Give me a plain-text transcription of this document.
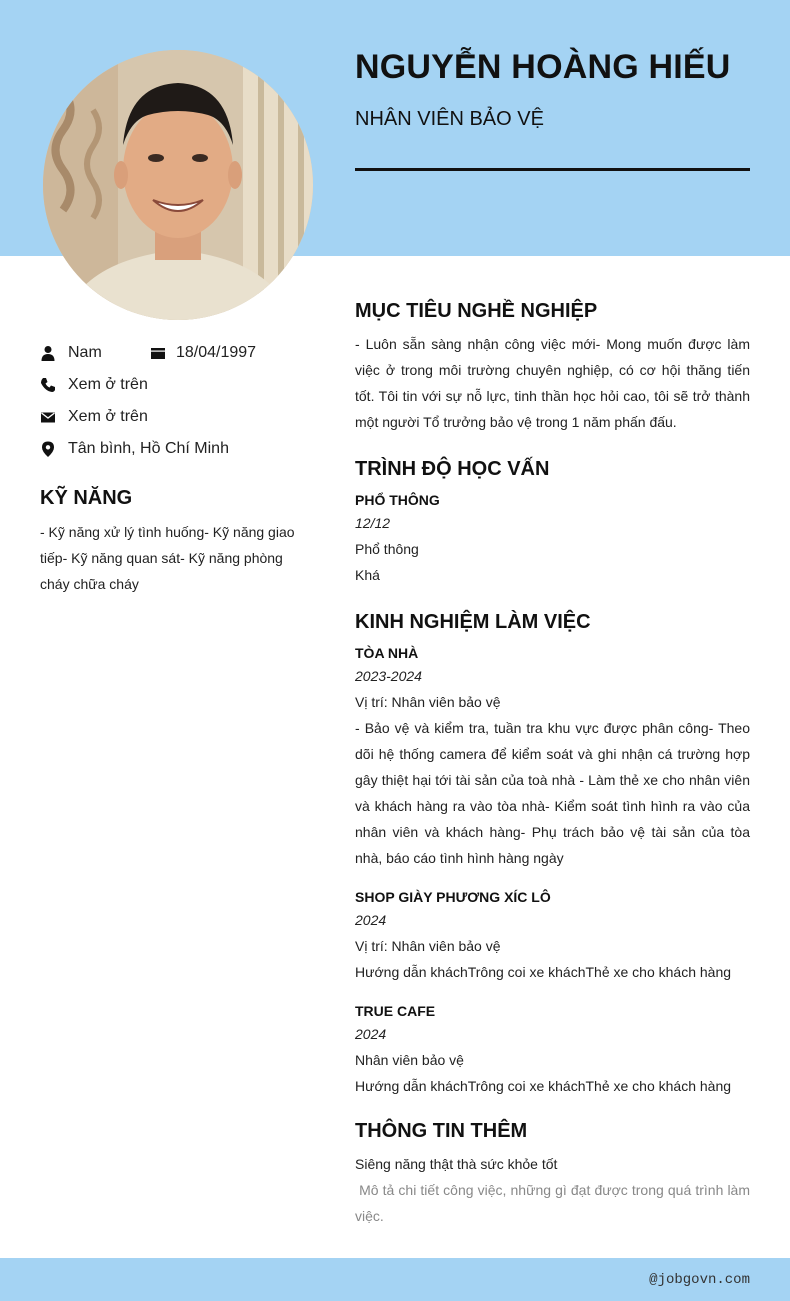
NGUYỄN HOÀNG HIẾU
NHÂN VIÊN BẢO VỆ
Nam	18/04/1997
Xem ở trên
Xem ở trên
Tân bình, Hồ Chí Minh
KỸ NĂNG

- Kỹ năng xử lý tình huống- Kỹ năng giao tiếp- Kỹ năng quan sát- Kỹ năng phòng cháy chữa cháy

MỤC TIÊU NGHỀ NGHIỆP

- Luôn sẵn sàng nhận công việc mới- Mong muốn được làm việc ở trong môi trường chuyên nghiệp, có cơ hội thăng tiến tốt. Tôi tin với sự nỗ lực, tinh thần học hỏi cao, tôi sẽ trở thành một người Tổ trưởng bảo vệ trong 1 năm phấn đấu.

TRÌNH ĐỘ HỌC VẤN

PHỔ THÔNG

12/12

Phổ thông

Khá

KINH NGHIỆM LÀM VIỆC

TÒA NHÀ

2023-2024

Vị trí: Nhân viên bảo vệ

- Bảo vệ và kiểm tra, tuần tra khu vực được phân công- Theo dõi hệ thống camera để kiểm soát và ghi nhận cá trường hợp gây thiệt hại tới tài sản của toà nhà - Làm thẻ xe cho nhân viên và khách hàng ra vào tòa nhà- Kiểm soát tình hình ra vào của nhân viên và khách hàng- Phụ trách bảo vệ tài sản của tòa nhà, báo cáo tình hình hàng ngày

SHOP GIÀY PHƯƠNG XÍC LÔ

2024

Vị trí: Nhân viên bảo vệ

Hướng dẫn kháchTrông coi xe kháchThẻ xe cho khách hàng

TRUE CAFE

2024

Nhân viên bảo vệ

Hướng dẫn kháchTrông coi xe kháchThẻ xe cho khách hàng

THÔNG TIN THÊM

Siêng năng thật thà sức khỏe tốt

Mô tả chi tiết công việc, những gì đạt được trong quá trình làm việc.

@jobgovn.com
